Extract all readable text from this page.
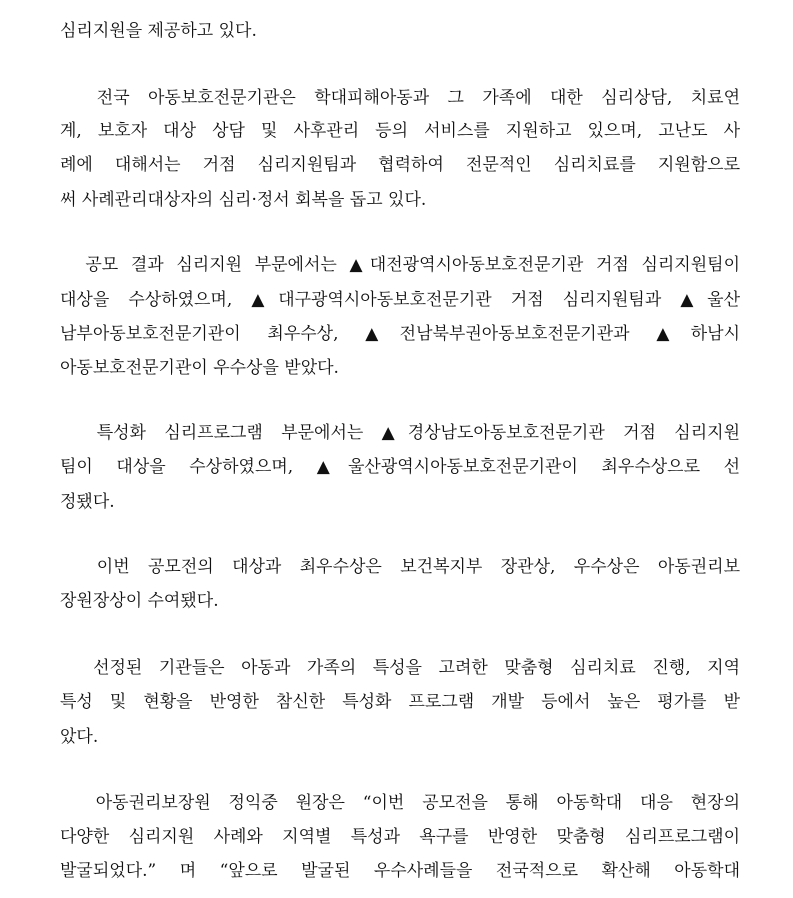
심리지원을 제공하고 있다.

전국 아동보호전문기관은 학대피해아동과 그 가족에 대한 심리상담, 치료연

계, 보호자 대상 상담 및 사후관리 등의 서비스를 지원하고 있으며, 고난도 사

례에 대해서는 거점 심리지원팀과 협력하여 전문적인 심리치료를 지원함으로

써 사례관리대상자의 심리·정서 회복을 돕고 있다.

공모 결과 심리지원 부문에서는 ▲대전광역시아동보호전문기관 거점 심리지원팀이

대상을 수상하였으며, ▲대구광역시아동보호전문기관 거점 심리지원팀과 ▲울산

남부아동보호전문기관이 최우수상, ▲전남북부권아동보호전문기관과 ▲하남시

아동보호전문기관이 우수상을 받았다.

특성화 심리프로그램 부문에서는 ▲경상남도아동보호전문기관 거점 심리지원

팀이 대상을 수상하였으며, ▲울산광역시아동보호전문기관이 최우수상으로 선

정됐다.

이번 공모전의 대상과 최우수상은 보건복지부 장관상, 우수상은 아동권리보

장원장상이 수여됐다.

선정된 기관들은 아동과 가족의 특성을 고려한 맞춤형 심리치료 진행, 지역

특성 및 현황을 반영한 참신한 특성화 프로그램 개발 등에서 높은 평가를 받

았다.

아동권리보장원 정익중 원장은 “이번 공모전을 통해 아동학대 대응 현장의

다양한 심리지원 사례와 지역별 특성과 욕구를 반영한 맞춤형 심리프로그램이

발굴되었다.” 며 “앞으로 발굴된 우수사례들을 전국적으로 확산해 아동학대
